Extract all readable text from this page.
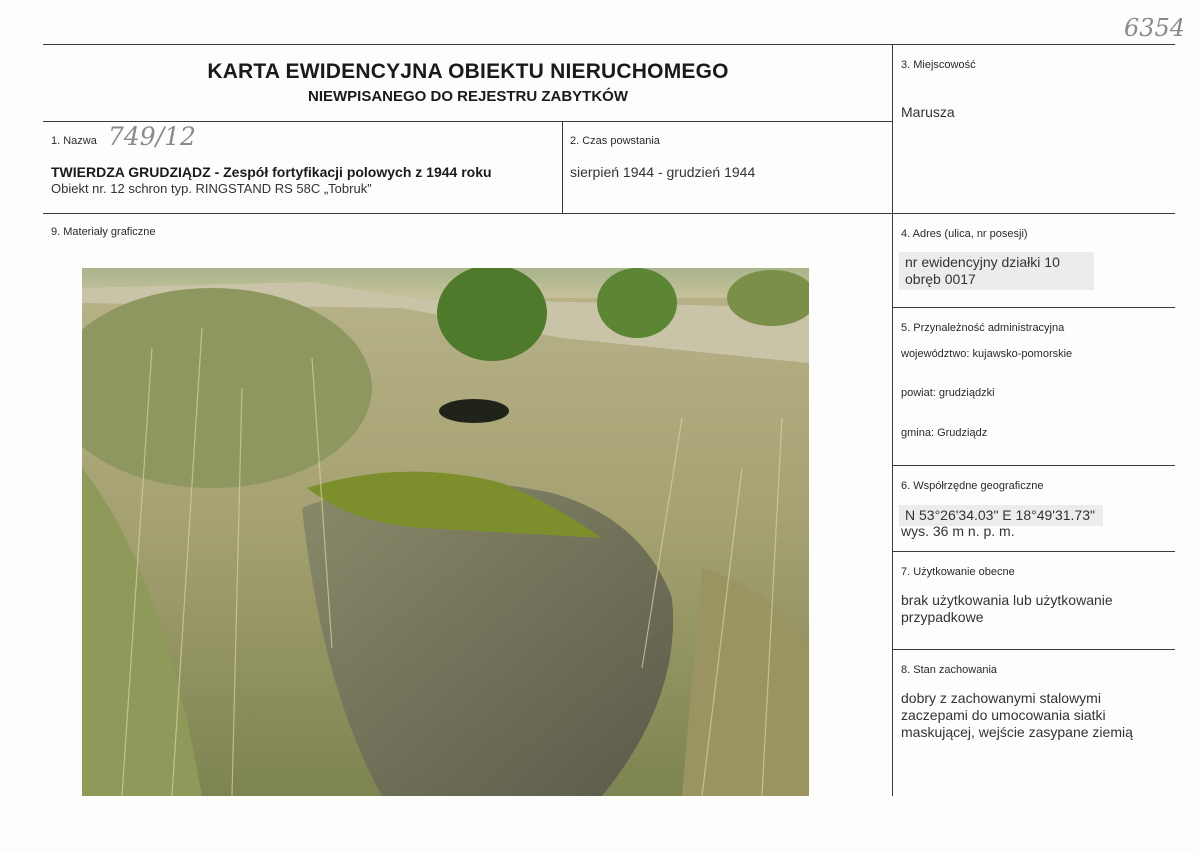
6354
KARTA EWIDENCYJNA OBIEKTU NIERUCHOMEGO
NIEWPISANEGO DO REJESTRU ZABYTKÓW
3. Miejscowość
Marusza
1. Nazwa 749/12
TWIERDZA GRUDZIĄDZ - Zespół fortyfikacji polowych z 1944 roku
Obiekt nr. 12 schron typ. RINGSTAND RS 58C „Tobruk”
2. Czas powstania
sierpień 1944 - grudzień 1944
9. Materiały graficzne	4. Adres (ulica, nr posesji)
nr ewidencyjny działki 10
obręb 0017
5. Przynależność administracyjna
województwo: kujawsko-pomorskie
powiat: grudziądzki
gmina: Grudziądz
6. Współrzędne geograficzne
N 53°26'34.03" E 18°49'31.73"
wys. 36 m n. p. m.
7. Użytkowanie obecne
brak użytkowania lub użytkowanie przypadkowe
8. Stan zachowania
dobry z zachowanymi stalowymi zaczepami do umocowania siatki maskującej, wejście zasypane ziemią
